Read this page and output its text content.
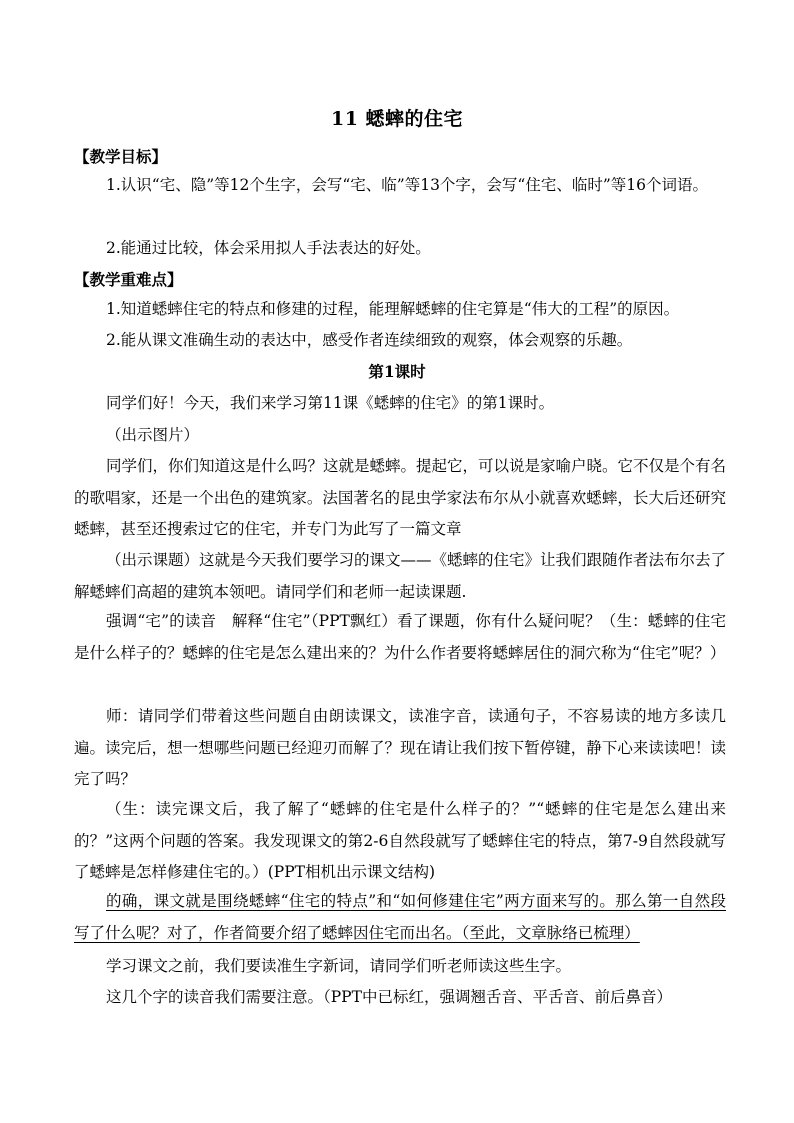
11 蟋蟀的住宅
【教学目标】
1.认识“宅、隐”等12个生字，会写“宅、临”等13个字，会写“住宅、临时”等16个词语。
2.能通过比较，体会采用拟人手法表达的好处。
【教学重难点】
1.知道蟋蟀住宅的特点和修建的过程，能理解蟋蟀的住宅算是“伟大的工程”的原因。
2.能从课文准确生动的表达中，感受作者连续细致的观察，体会观察的乐趣。
第1课时
同学们好！今天，我们来学习第11课《蟋蟀的住宅》的第1课时。
（出示图片）
同学们，你们知道这是什么吗？这就是蟋蟀。提起它，可以说是家喻户晓。它不仅是个有名的歌唱家，还是一个出色的建筑家。法国著名的昆虫学家法布尔从小就喜欢蟋蟀，长大后还研究蟋蟀，甚至还搜索过它的住宅，并专门为此写了一篇文章
（出示课题）这就是今天我们要学习的课文——《蟋蟀的住宅》让我们跟随作者法布尔去了解蟋蟀们高超的建筑本领吧。请同学们和老师一起读课题.
强调“宅”的读音　解释“住宅”（PPT飘红）看了课题，你有什么疑问呢？（生：蟋蟀的住宅是什么样子的？蟋蟀的住宅是怎么建出来的？为什么作者要将蟋蟀居住的洞穴称为“住宅”呢？）
师：请同学们带着这些问题自由朗读课文，读准字音，读通句子，不容易读的地方多读几遍。读完后，想一想哪些问题已经迎刃而解了？现在请让我们按下暂停键，静下心来读读吧！读完了吗？
（生：读完课文后，我了解了“蟋蟀的住宅是什么样子的？”“蟋蟀的住宅是怎么建出来的？”这两个问题的答案。我发现课文的第2-6自然段就写了蟋蟀住宅的特点，第7-9自然段就写了蟋蟀是怎样修建住宅的。）(PPT相机出示课文结构)
的确，课文就是围绕蟋蟀“住宅的特点”和“如何修建住宅”两方面来写的。那么第一自然段写了什么呢？对了，作者简要介绍了蟋蟀因住宅而出名。（至此，文章脉络已梳理）
学习课文之前，我们要读准生字新词，请同学们听老师读这些生字。
这几个字的读音我们需要注意。（PPT中已标红，强调翘舌音、平舌音、前后鼻音）
